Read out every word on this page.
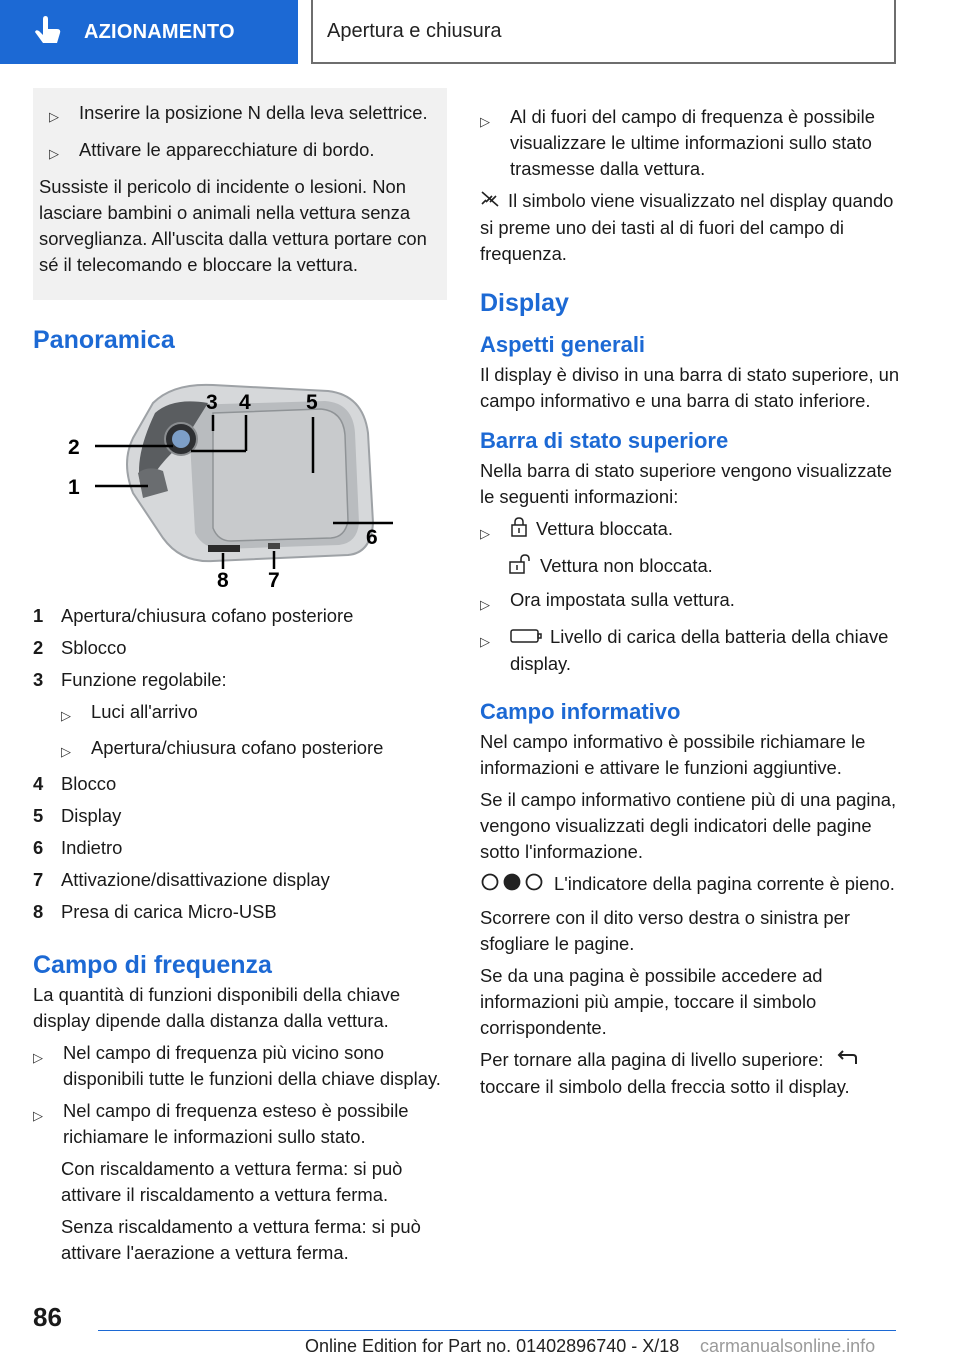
AZIONAMENTO	Apertura e chiusura
▷	Inserire la posizione N della leva selettrice.
▷	Attivare le apparecchiature di bordo.

Sussiste il pericolo di incidente o lesioni. Non lasciare bambini o animali nella vettura senza sorveglianza. All'uscita dalla vettura portare con sé il telecomando e bloccare la vettura.

Panoramica
1
2
3 4	5
6
7
8
1 Apertura/chiusura cofano posteriore
2 Sblocco
3 Funzione regolabile:
▷	Luci all'arrivo
▷	Apertura/chiusura cofano posteriore
4 Blocco
5 Display
6 Indietro
7 Attivazione/disattivazione display
8 Presa di carica Micro-USB
Campo di frequenza

La quantità di funzioni disponibili della chiave display dipende dalla distanza dalla vettura.

▷	Nel campo di frequenza più vicino sono disponibili tutte le funzioni della chiave display.
▷	Nel campo di frequenza esteso è possibile richiamare le informazioni sullo stato.

Con riscaldamento a vettura ferma: si può attivare il riscaldamento a vettura ferma.

Senza riscaldamento a vettura ferma: si può attivare l'aerazione a vettura ferma.

▷	Al di fuori del campo di frequenza è possibile visualizzare le ultime informazioni sullo stato trasmesse dalla vettura.

Il simbolo viene visualizzato nel display quando si preme uno dei tasti al di fuori del campo di frequenza.

Display
Aspetti generali

Il display è diviso in una barra di stato superiore, un campo informativo e una barra di stato inferiore.

Barra di stato superiore

Nella barra di stato superiore vengono visualizzate le seguenti informazioni:

▷	Vettura bloccata.

Vettura non bloccata.

▷	Ora impostata sulla vettura.
▷	Livello di carica della batteria della chiave display.
Campo informativo

Nel campo informativo è possibile richiamare le informazioni e attivare le funzioni aggiuntive.

Se il campo informativo contiene più di una pagina, vengono visualizzati degli indicatori delle pagine sotto l'informazione.

L'indicatore della pagina corrente è pieno.

Scorrere con il dito verso destra o sinistra per sfogliare le pagine.

Se da una pagina è possibile accedere ad informazioni più ampie, toccare il simbolo corrispondente.

Per tornare alla pagina di livello superiore:
toccare il simbolo della freccia sotto il display.

86
Online Edition for Part no. 01402896740 - X/18 carmanualsonline.info
